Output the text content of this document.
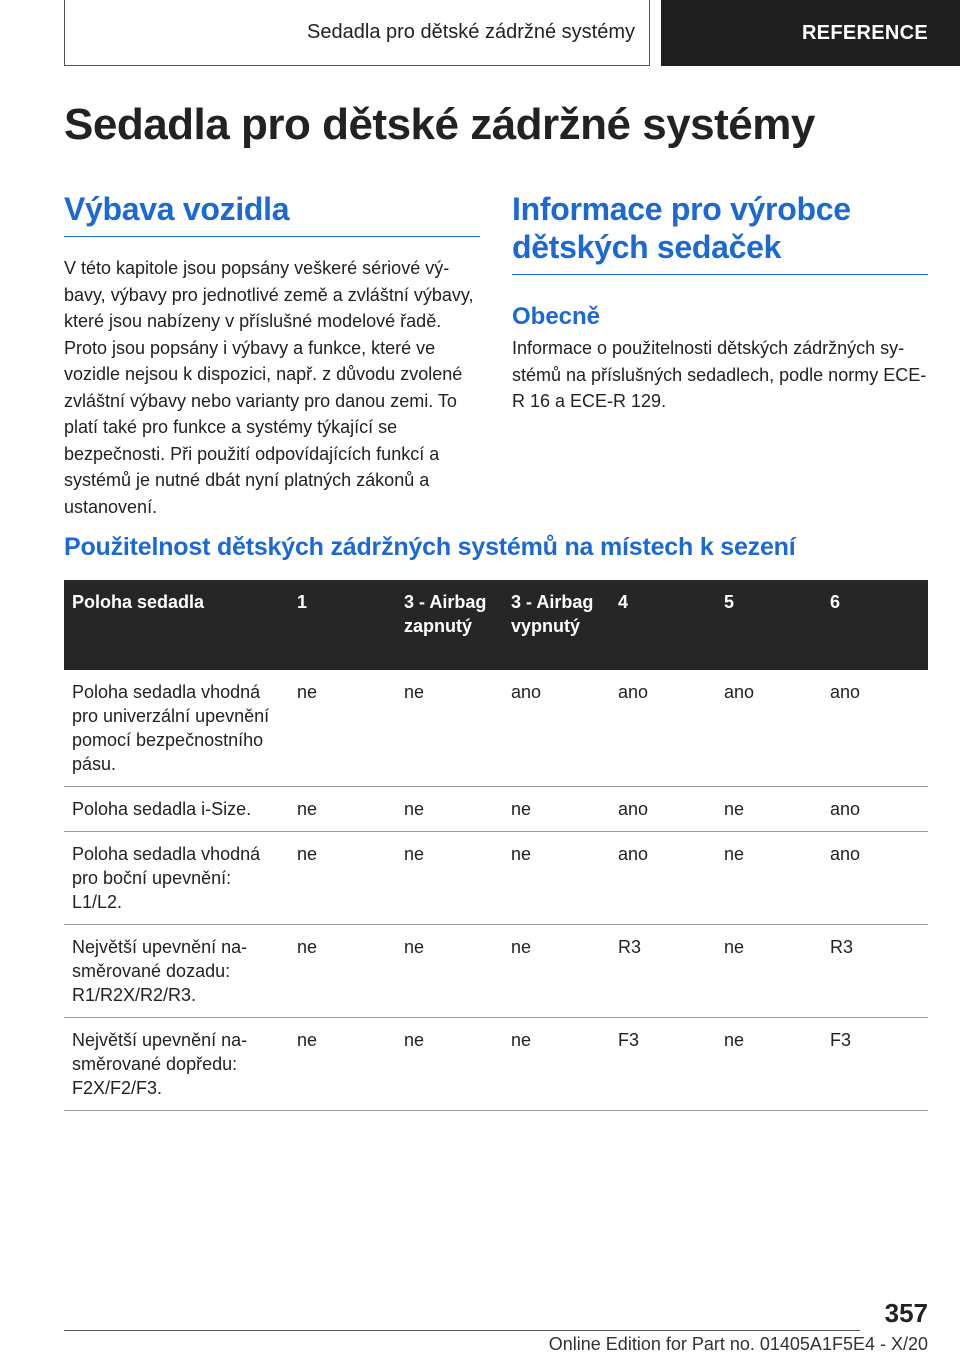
Sedadla pro dětské zádržné systémy	REFERENCE
Sedadla pro dětské zádržné systémy
Výbava vozidla

V této kapitole jsou popsány veškeré sériové výbavy, výbavy pro jednotlivé země a zvláštní výbavy, které jsou nabízeny v příslušné modelové řadě. Proto jsou popsány i výbavy a funkce, které ve vozidle nejsou k dispozici, např. z důvodu zvolené zvláštní výbavy nebo varianty pro danou zemi. To platí také pro funkce a systémy týkající se bezpečnosti. Při použití odpovídajících funkcí a systémů je nutné dbát nyní platných zákonů a ustanovení.

Informace pro výrobce dětských sedaček
Obecně

Informace o použitelnosti dětských zádržných systémů na příslušných sedadlech, podle normy ECE-R 16 a ECE-R 129.

Použitelnost dětských zádržných systémů na místech k sezení
Poloha sedadla	1	3 - Airbag zapnutý	3 - Airbag vypnutý	4	5	6
Poloha sedadla vhodná pro univerzální upevnění pomocí bezpečnostního pásu.	ne	ne	ano	ano	ano	ano
Poloha sedadla i-Size.	ne	ne	ne	ano	ne	ano
Poloha sedadla vhodná pro boční upevnění: L1/L2.	ne	ne	ne	ano	ne	ano
Největší upevnění nasměrované dozadu: R1/R2X/R2/R3.	ne	ne	ne	R3	ne	R3
Největší upevnění nasměrované dopředu: F2X/F2/F3.	ne	ne	ne	F3	ne	F3
357
Online Edition for Part no. 01405A1F5E4 - X/20
